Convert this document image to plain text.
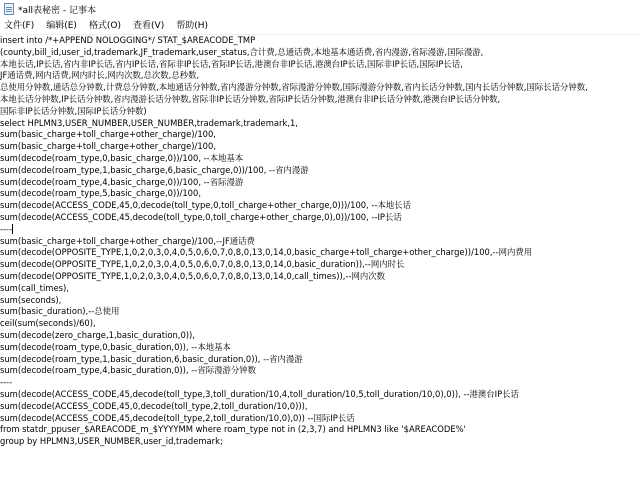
*all表秘密 - 记事本
文件(F)	编辑(E)	格式(O)	查看(V)	帮助(H)
insert into /*+APPEND NOLOGGING*/ STAT_$AREACODE_TMP
(county,bill_id,user_id,trademark,JF_trademark,user_status,合计费,总通话费,本地基本通话费,省内漫游,省际漫游,国际漫游,
本地长话,IP长话,省内非IP长话,省内IP长话,省际非IP长话,省际IP长话,港澳台非IP长话,港澳台IP长话,国际非IP长话,国际IP长话,
JF通话费,网内话费,网内时长,网内次数,总次数,总秒数,
总使用分钟数,通话总分钟数,计费总分钟数,本地通话分钟数,省内漫游分钟数,省际漫游分钟数,国际漫游分钟数,省内长话分钟数,国内长话分钟数,国际长话分钟数,
本地长话分钟数,IP长话分钟数,省内漫游长话分钟数,省际非IP长话分钟数,省际IP长话分钟数,港澳台非IP长话分钟数,港澳台IP长话分钟数,
国际非IP长话分钟数,国际IP长话分钟数)
select HPLMN3,USER_NUMBER,USER_NUMBER,trademark,trademark,1,
sum(basic_charge+toll_charge+other_charge)/100,
sum(basic_charge+toll_charge+other_charge)/100,
sum(decode(roam_type,0,basic_charge,0))/100, --本地基本
sum(decode(roam_type,1,basic_charge,6,basic_charge,0))/100, --省内漫游
sum(decode(roam_type,4,basic_charge,0))/100, --省际漫游
sum(decode(roam_type,5,basic_charge,0))/100,
sum(decode(ACCESS_CODE,45,0,decode(toll_type,0,toll_charge+other_charge,0)))/100, --本地长话
sum(decode(ACCESS_CODE,45,decode(toll_type,0,toll_charge+other_charge,0),0))/100, --IP长话
----
sum(basic_charge+toll_charge+other_charge)/100,--JF通话费
sum(decode(OPPOSITE_TYPE,1,0,2,0,3,0,4,0,5,0,6,0,7,0,8,0,13,0,14,0,basic_charge+toll_charge+other_charge))/100,--网内费用
sum(decode(OPPOSITE_TYPE,1,0,2,0,3,0,4,0,5,0,6,0,7,0,8,0,13,0,14,0,basic_duration)),--网内时长
sum(decode(OPPOSITE_TYPE,1,0,2,0,3,0,4,0,5,0,6,0,7,0,8,0,13,0,14,0,call_times)),--网内次数
sum(call_times),
sum(seconds),
sum(basic_duration),--总使用
ceil(sum(seconds)/60),
sum(decode(zero_charge,1,basic_duration,0)),
sum(decode(roam_type,0,basic_duration,0)), --本地基本
sum(decode(roam_type,1,basic_duration,6,basic_duration,0)), --省内漫游
sum(decode(roam_type,4,basic_duration,0)), --省际漫游分钟数
----
sum(decode(ACCESS_CODE,45,decode(toll_type,3,toll_duration/10,4,toll_duration/10,5,toll_duration/10,0),0)), --港澳台IP长话
sum(decode(ACCESS_CODE,45,0,decode(toll_type,2,toll_duration/10,0))),
sum(decode(ACCESS_CODE,45,decode(toll_type,2,toll_duration/10,0),0)) --国际IP长话
from statdr_ppuser_$AREACODE_m_$YYYYMM where roam_type not in (2,3,7) and HPLMN3 like '$AREACODE%'
group by HPLMN3,USER_NUMBER,user_id,trademark;
